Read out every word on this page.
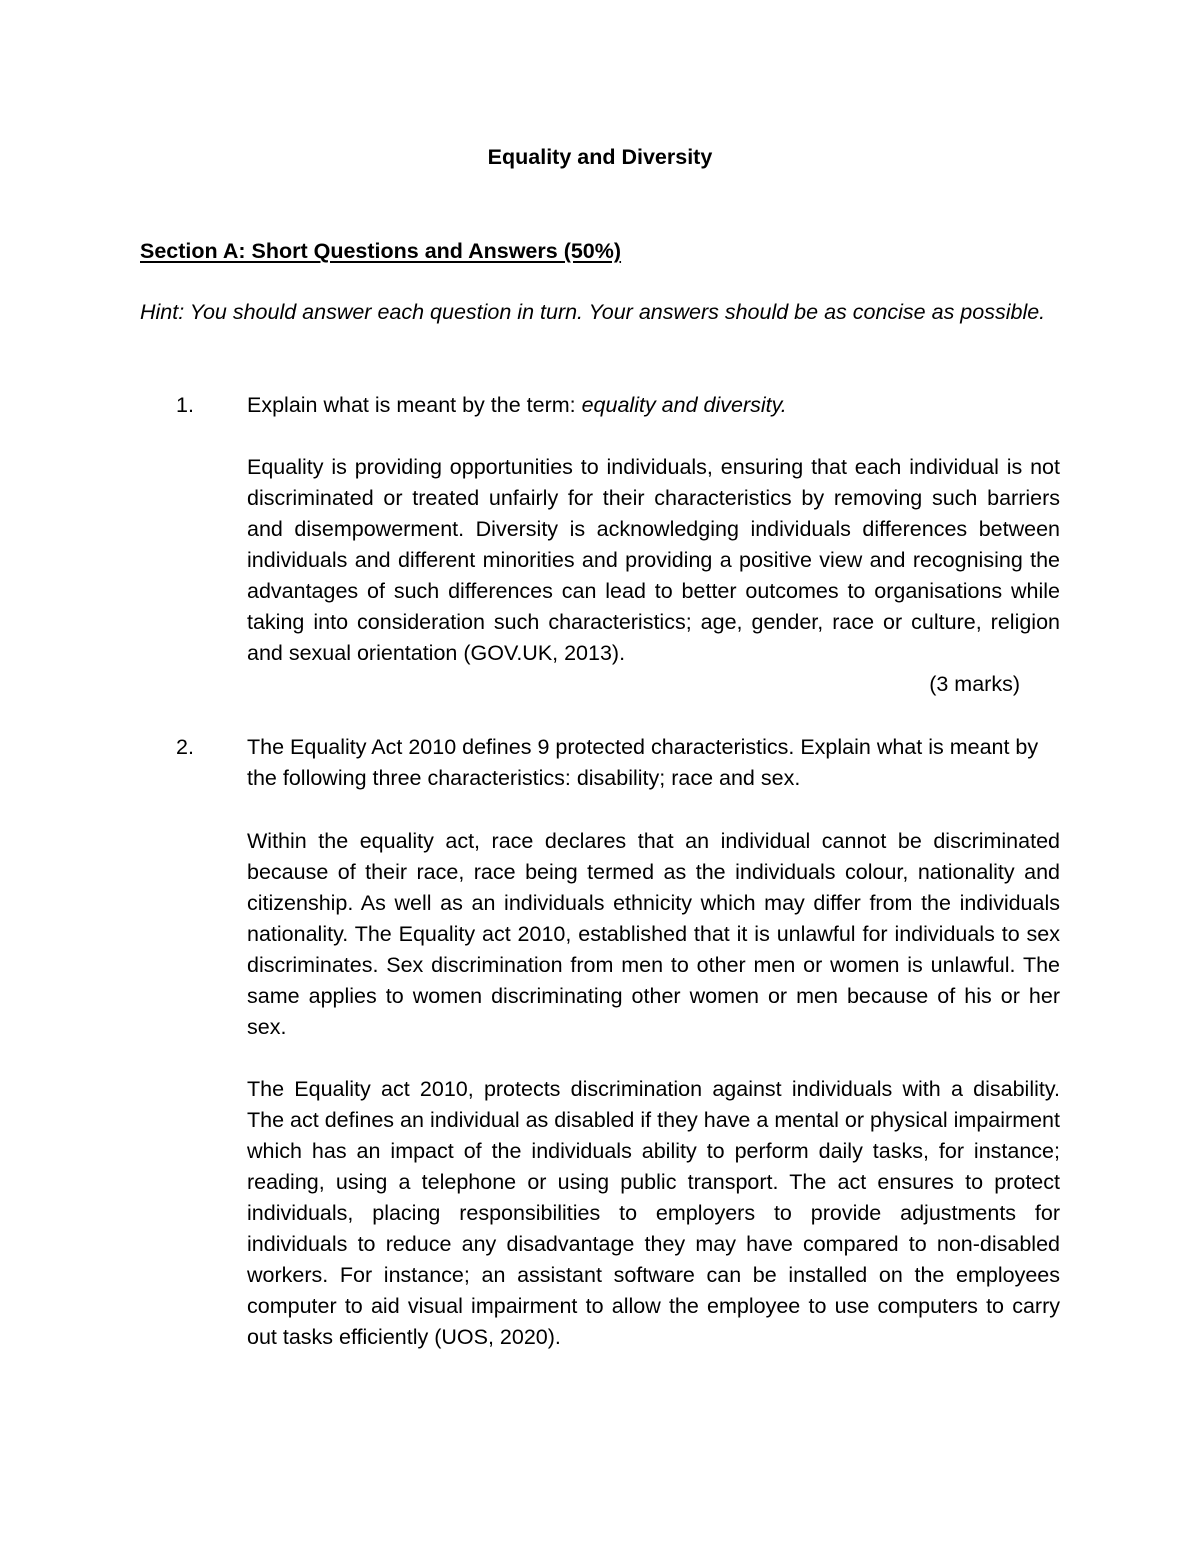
Equality and Diversity
Section A: Short Questions and Answers (50%)

Hint: You should answer each question in turn. Your answers should be as concise as possible.

1. Explain what is meant by the term: equality and diversity.

Equality is providing opportunities to individuals, ensuring that each individual is not discriminated or treated unfairly for their characteristics by removing such barriers and disempowerment. Diversity is acknowledging individuals differences between individuals and different minorities and providing a positive view and recognising the advantages of such differences can lead to better outcomes to organisations while taking into consideration such characteristics; age, gender, race or culture, religion and sexual orientation (GOV.UK, 2013).

(3 marks)

2. The Equality Act 2010 defines 9 protected characteristics. Explain what is meant by the following three characteristics: disability; race and sex.

Within the equality act, race declares that an individual cannot be discriminated because of their race, race being termed as the individuals colour, nationality and citizenship. As well as an individuals ethnicity which may differ from the individuals nationality. The Equality act 2010, established that it is unlawful for individuals to sex discriminates. Sex discrimination from men to other men or women is unlawful. The same applies to women discriminating other women or men because of his or her sex.

The Equality act 2010, protects discrimination against individuals with a disability. The act defines an individual as disabled if they have a mental or physical impairment which has an impact of the individuals ability to perform daily tasks, for instance; reading, using a telephone or using public transport. The act ensures to protect individuals, placing responsibilities to employers to provide adjustments for individuals to reduce any disadvantage they may have compared to non-disabled workers. For instance; an assistant software can be installed on the employees computer to aid visual impairment to allow the employee to use computers to carry out tasks efficiently (UOS, 2020).
